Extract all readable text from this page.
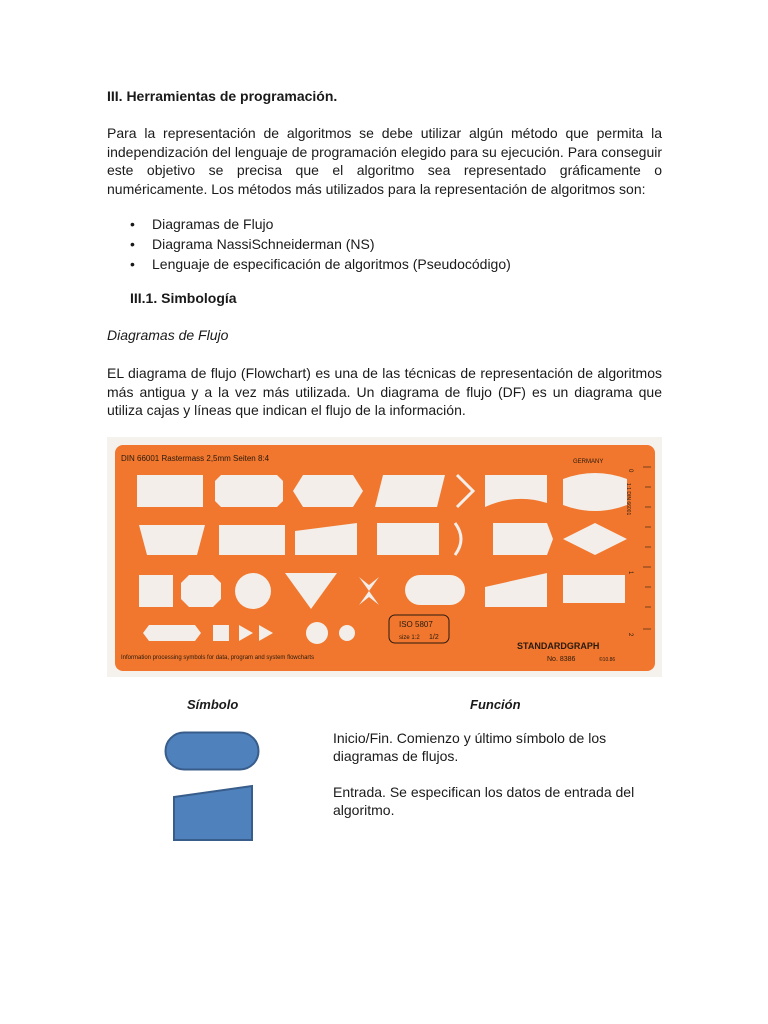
III. Herramientas de programación.
Para la representación de algoritmos se debe utilizar algún método que permita la independización del lenguaje de programación elegido para su ejecución. Para conseguir este objetivo se precisa que el algoritmo sea representado gráficamente o numéricamente. Los métodos más utilizados para la representación de algoritmos son:
• Diagramas de Flujo
• Diagrama NassiSchneiderman (NS)
• Lenguaje de especificación de algoritmos (Pseudocódigo)
III.1. Simbología
Diagramas de Flujo
EL diagrama de flujo (Flowchart) es una de las técnicas de representación de algoritmos más antigua y a la vez más utilizada. Un diagrama de flujo (DF) es un diagrama que utiliza cajas y líneas que indican el flujo de la información.
DIN 66001 Rastermass 2,5mm Seiten 8:4	GERMANY
ISO 5807
size 1:2 1/2
STANDARDGRAPH
No. 8386	©10.86
Information processing symbols for data, program and system flowcharts
1:1 DIN 66001
0
1
2
Símbolo	Función
Inicio/Fin. Comienzo y último símbolo de los diagramas de flujos.
Entrada. Se especifican los datos de entrada del algoritmo.
